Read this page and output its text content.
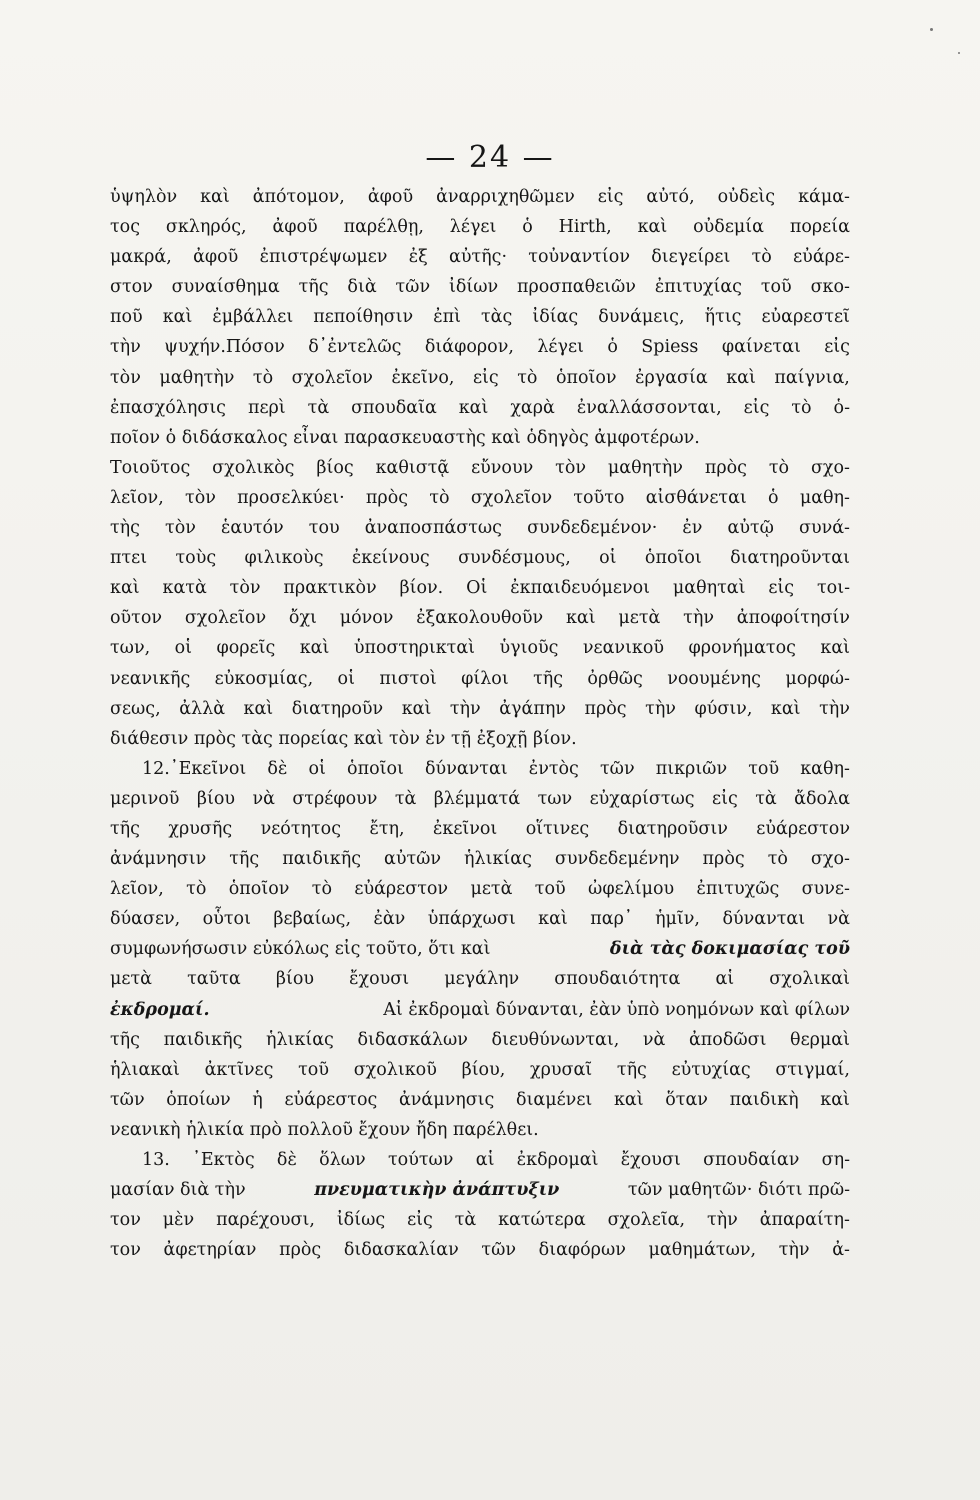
— 24 —
ὑψηλὸν καὶ ἀπότομον, ἀφοῦ ἀναρριχηθῶμεν εἰς αὐτό, οὐδεὶς κάμα-
τος σκληρός, ἀφοῦ παρέλθῃ, λέγει ὁ Hirth, καὶ οὐδεμία πορεία
μακρά, ἀφοῦ ἐπιστρέψωμεν ἐξ αὐτῆς· τοὐναντίον διεγείρει τὸ εὐάρε-
στον συναίσθημα τῆς διὰ τῶν ἰδίων προσπαθειῶν ἐπιτυχίας τοῦ σκο-
ποῦ καὶ ἐμβάλλει πεποίθησιν ἐπὶ τὰς ἰδίας δυνάμεις, ἥτις εὐαρεστεῖ
τὴν ψυχήν.Πόσον δ᾽ἐντελῶς διάφορον, λέγει ὁ Spiess φαίνεται εἰς
τὸν μαθητὴν τὸ σχολεῖον ἐκεῖνο, εἰς τὸ ὁποῖον ἐργασία καὶ παίγνια,
ἐπασχόλησις περὶ τὰ σπουδαῖα καὶ χαρὰ ἐναλλάσσονται, εἰς τὸ ὁ-
ποῖον ὁ διδάσκαλος εἶναι παρασκευαστὴς καὶ ὁδηγὸς ἀμφοτέρων.
Τοιοῦτος σχολικὸς βίος καθιστᾷ εὔνουν τὸν μαθητὴν πρὸς τὸ σχο-
λεῖον, τὸν προσελκύει· πρὸς τὸ σχολεῖον τοῦτο αἰσθάνεται ὁ μαθη-
τὴς τὸν ἑαυτόν του ἀναποσπάστως συνδεδεμένον· ἐν αὐτῷ συνά-
πτει τοὺς φιλικοὺς ἐκείνους συνδέσμους, οἱ ὁποῖοι διατηροῦνται
καὶ κατὰ τὸν πρακτικὸν βίον. Οἱ ἐκπαιδευόμενοι μαθηταὶ εἰς τοι-
οῦτον σχολεῖον ὄχι μόνον ἐξακολουθοῦν καὶ μετὰ τὴν ἀποφοίτησίν
των, οἱ φορεῖς καὶ ὑποστηρικταὶ ὑγιοῦς νεανικοῦ φρονήματος καὶ
νεανικῆς εὐκοσμίας, οἱ πιστοὶ φίλοι τῆς ὀρθῶς νοουμένης μορφώ-
σεως, ἀλλὰ καὶ διατηροῦν καὶ τὴν ἀγάπην πρὸς τὴν φύσιν, καὶ τὴν
διάθεσιν πρὸς τὰς πορείας καὶ τὸν ἐν τῇ ἐξοχῇ βίον.
12.᾿Εκεῖνοι δὲ οἱ ὁποῖοι δύνανται ἐντὸς τῶν πικριῶν τοῦ καθη-
μερινοῦ βίου νὰ στρέφουν τὰ βλέμματά των εὐχαρίστως εἰς τὰ ἄδολα
τῆς χρυσῆς νεότητος ἔτη, ἐκεῖνοι οἵτινες διατηροῦσιν εὐάρεστον
ἀνάμνησιν τῆς παιδικῆς αὐτῶν ἡλικίας συνδεδεμένην πρὸς τὸ σχο-
λεῖον, τὸ ὁποῖον τὸ εὐάρεστον μετὰ τοῦ ὠφελίμου ἐπιτυχῶς συνε-
δύασεν, οὗτοι βεβαίως, ἐὰν ὑπάρχωσι καὶ παρ᾽ ἡμῖν, δύνανται νὰ
συμφωνήσωσιν εὐκόλως εἰς τοῦτο, ὅτι καὶ	διὰ τὰς δοκιμασίας τοῦ
μετὰ ταῦτα βίου ἔχουσι μεγάλην σπουδαιότητα αἱ σχολικαὶ
ἐκδρομαί.	Αἱ ἐκδρομαὶ δύνανται, ἐὰν ὑπὸ νοημόνων καὶ φίλων
τῆς παιδικῆς ἡλικίας διδασκάλων διευθύνωνται, νὰ ἀποδῶσι θερμαὶ
ἡλιακαὶ ἀκτῖνες τοῦ σχολικοῦ βίου, χρυσαῖ τῆς εὐτυχίας στιγμαί,
τῶν ὁποίων ἡ εὐάρεστος ἀνάμνησις διαμένει καὶ ὅταν παιδικὴ καὶ
νεανικὴ ἡλικία πρὸ πολλοῦ ἔχουν ἤδη παρέλθει.
13. ᾿Εκτὸς δὲ ὅλων τούτων αἱ ἐκδρομαὶ ἔχουσι σπουδαίαν ση-
μασίαν διὰ τὴν	πνευματικὴν ἀνάπτυξιν	τῶν μαθητῶν· διότι πρῶ-
τον μὲν παρέχουσι, ἰδίως εἰς τὰ κατώτερα σχολεῖα, τὴν ἀπαραίτη-
τον ἀφετηρίαν πρὸς διδασκαλίαν τῶν διαφόρων μαθημάτων, τὴν ἀ-
